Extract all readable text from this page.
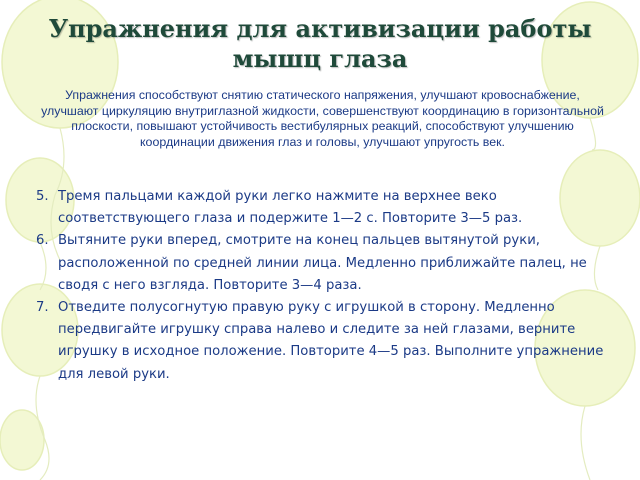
Упражнения для активизации работы мышц глаза
Упражнения способствуют снятию статического напряжения, улучшают кровоснабжение, улучшают циркуляцию внутриглазной жидкости, совершенствуют координацию в горизонтальной плоскости, повышают устойчивость вестибулярных реакций, способствуют улучшению координации движения глаз и головы, улучшают упругость век.
5. Тремя пальцами каждой руки легко нажмите на верхнее веко соответствующего глаза и подержите 1—2 с. Повторите 3—5 раз.
6. Вытяните руки вперед, смотрите на конец пальцев вытянутой руки, расположенной по средней линии лица. Медленно приближайте палец, не сводя с него взгляда. Повторите 3—4 раза.
7. Отведите полусогнутую правую руку с игрушкой в сторону. Медленно передвигайте игрушку справа налево и следите за ней глазами, верните игрушку в исходное положение. Повторите 4—5 раз. Выполните упражнение для левой руки.
